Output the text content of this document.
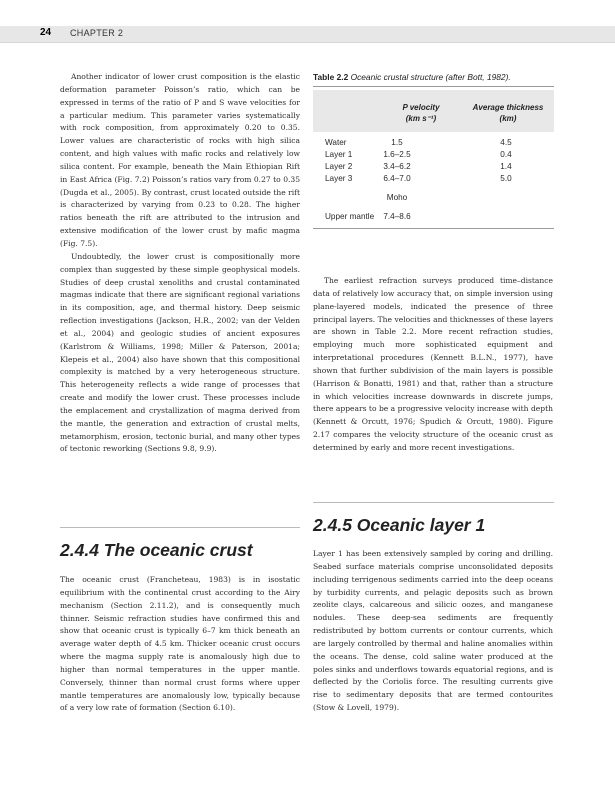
24 CHAPTER 2

Another indicator of lower crust composition is the elastic deformation parameter Poisson’s ratio, which can be expressed in terms of the ratio of P and S wave velocities for a particular medium. This parameter varies systematically with rock composition, from approximately 0.20 to 0.35. Lower values are characteristic of rocks with high silica content, and high values with mafic rocks and relatively low silica content. For example, beneath the Main Ethiopian Rift in East Africa (Fig. 7.2) Poisson’s ratios vary from 0.27 to 0.35 (Dugda et al., 2005). By contrast, crust located outside the rift is characterized by varying from 0.23 to 0.28. The higher ratios beneath the rift are attributed to the intrusion and extensive modification of the lower crust by mafic magma (Fig. 7.5).

Undoubtedly, the lower crust is compositionally more complex than suggested by these simple geophysical models. Studies of deep crustal xenoliths and crustal contaminated magmas indicate that there are significant regional variations in its composition, age, and thermal history. Deep seismic reflection investigations (Jackson, H.R., 2002; van der Velden et al., 2004) and geologic studies of ancient exposures (Karlstrom & Williams, 1998; Miller & Paterson, 2001a; Klepeis et al., 2004) also have shown that this compositional complexity is matched by a very heterogeneous structure. This heterogeneity reflects a wide range of processes that create and modify the lower crust. These processes include the emplacement and crystallization of magma derived from the mantle, the generation and extraction of crustal melts, metamorphism, erosion, tectonic burial, and many other types of tectonic reworking (Sections 9.8, 9.9).

2.4.4 The oceanic crust

The oceanic crust (Francheteau, 1983) is in isostatic equilibrium with the continental crust according to the Airy mechanism (Section 2.11.2), and is consequently much thinner. Seismic refraction studies have confirmed this and show that oceanic crust is typically 6–7 km thick beneath an average water depth of 4.5 km. Thicker oceanic crust occurs where the magma supply rate is anomalously high due to higher than normal temperatures in the upper mantle. Conversely, thinner than normal crust forms where upper mantle temperatures are anomalously low, typically because of a very low rate of formation (Section 6.10).

Table 2.2 Oceanic crustal structure (after Bott, 1982).
P velocity
(km s⁻¹)
Average thickness
(km)
Water	1.5	4.5
Layer 1	1.6–2.5	0.4
Layer 2	3.4–6.2	1.4
Layer 3	6.4–7.0	5.0
Moho
Upper mantle	7.4–8.6

The earliest refraction surveys produced time–distance data of relatively low accuracy that, on simple inversion using plane-layered models, indicated the presence of three principal layers. The velocities and thicknesses of these layers are shown in Table 2.2. More recent refraction studies, employing much more sophisticated equipment and interpretational procedures (Kennett B.L.N., 1977), have shown that further subdivision of the main layers is possible (Harrison & Bonatti, 1981) and that, rather than a structure in which velocities increase downwards in discrete jumps, there appears to be a progressive velocity increase with depth (Kennett & Orcutt, 1976; Spudich & Orcutt, 1980). Figure 2.17 compares the velocity structure of the oceanic crust as determined by early and more recent investigations.

2.4.5 Oceanic layer 1

Layer 1 has been extensively sampled by coring and drilling. Seabed surface materials comprise unconsolidated deposits including terrigenous sediments carried into the deep oceans by turbidity currents, and pelagic deposits such as brown zeolite clays, calcareous and silicic oozes, and manganese nodules. These deep-sea sediments are frequently redistributed by bottom currents or contour currents, which are largely controlled by thermal and haline anomalies within the oceans. The dense, cold saline water produced at the poles sinks and underflows towards equatorial regions, and is deflected by the Coriolis force. The resulting currents give rise to sedimentary deposits that are termed contourites (Stow & Lovell, 1979).
